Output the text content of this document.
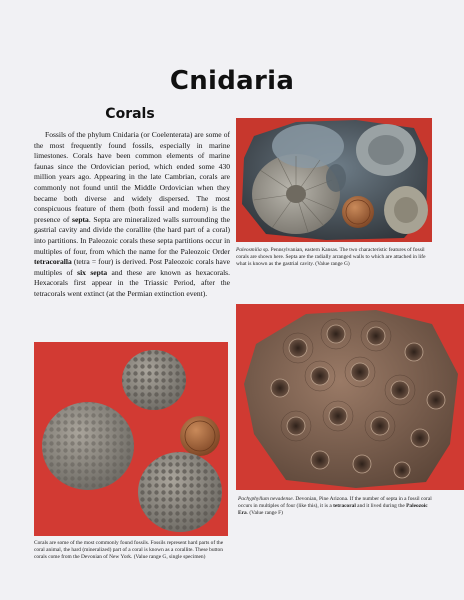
Cnidaria
Corals
Fossils of the phylum Cnidaria (or Coelenterata) are some of the most frequently found fossils, especially in marine limestones. Corals have been common elements of marine faunas since the Ordovician period, which ended some 430 million years ago. Appearing in the late Cambrian, corals are commonly not found until the Middle Ordovician when they became both diverse and widely dispersed. The most conspicuous feature of them (both fossil and modern) is the presence of septa. Septa are mineralized walls surrounding the gastrial cavity and divide the corallite (the hard part of a coral) into partitions. In Paleozoic corals these septa partitions occur in multiples of four, from which the name for the Paleozoic Order tetracoralla (tetra = four) is derived. Post Paleozoic corals have multiples of six septa and these are known as hexacorals. Hexacorals first appear in the Triassic Period, after the tetracorals went extinct (at the Permian extinction event).
Paleosmilia sp. Pennsylvanian, eastern Kansas. The two characteristic features of fossil corals are shown here. Septa are the radially arranged walls to which are attached in life what is known as the gastrial cavity. (Value range G)
Pachyphyllum nevadense. Devonian, Pine Arizona. If the number of septa in a fossil coral occurs in multiples of four (like this), it is a tetracoral and it lived during the Paleozoic Era. (Value range F)
Corals are some of the most commonly found fossils. Fossils represent hard parts of the coral animal, the hard (mineralized) part of a coral is known as a corallite. These button corals come from the Devonian of New York. (Value range G, single specimen)
